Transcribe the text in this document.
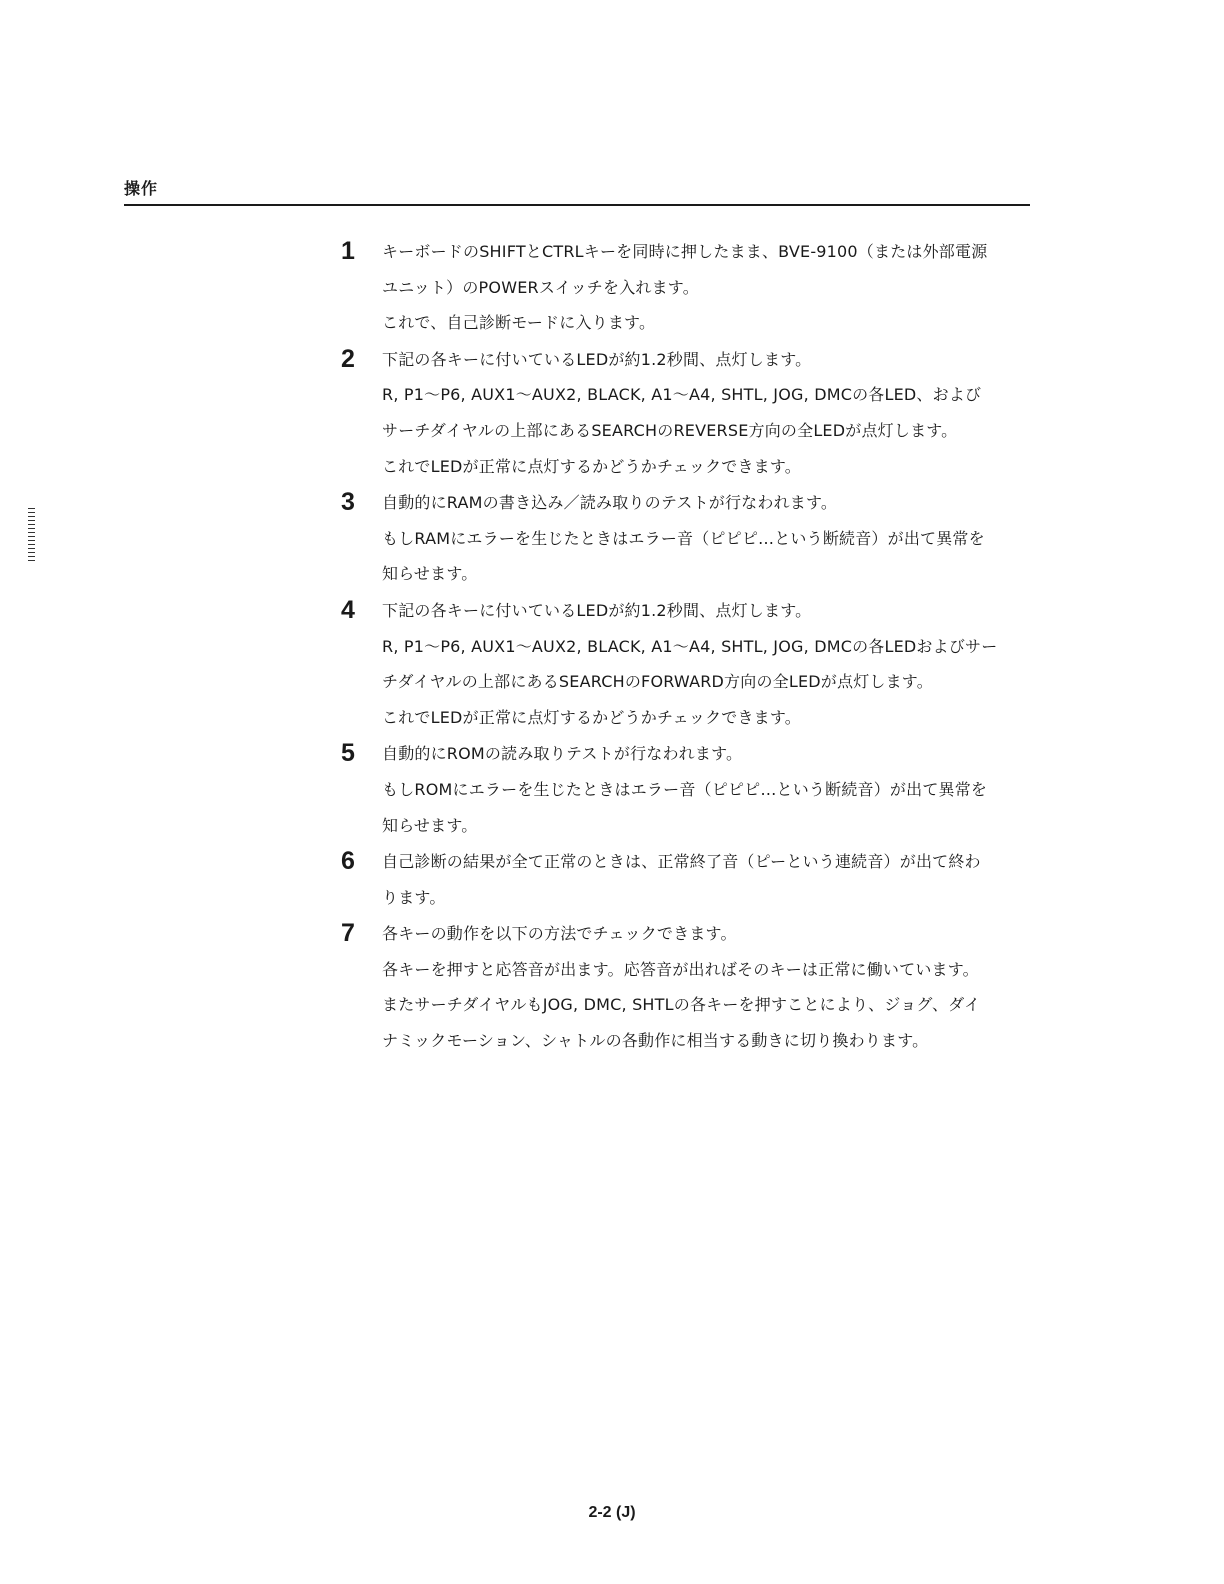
操作
1 キーボードのSHIFTとCTRLキーを同時に押したまま、BVE-9100（または外部電源
ユニット）のPOWERスイッチを入れます。
これで、自己診断モードに入ります。
2 下記の各キーに付いているLEDが約1.2秒間、点灯します。
R, P1～P6, AUX1～AUX2, BLACK, A1～A4, SHTL, JOG, DMCの各LED、および
サーチダイヤルの上部にあるSEARCHのREVERSE方向の全LEDが点灯します。
これでLEDが正常に点灯するかどうかチェックできます。
3 自動的にRAMの書き込み／読み取りのテストが行なわれます。
もしRAMにエラーを生じたときはエラー音（ピピピ…という断続音）が出て異常を
知らせます。
4 下記の各キーに付いているLEDが約1.2秒間、点灯します。
R, P1～P6, AUX1～AUX2, BLACK, A1～A4, SHTL, JOG, DMCの各LEDおよびサー
チダイヤルの上部にあるSEARCHのFORWARD方向の全LEDが点灯します。
これでLEDが正常に点灯するかどうかチェックできます。
5 自動的にROMの読み取りテストが行なわれます。
もしROMにエラーを生じたときはエラー音（ピピピ…という断続音）が出て異常を
知らせます。
6 自己診断の結果が全て正常のときは、正常終了音（ピーという連続音）が出て終わ
ります。
7 各キーの動作を以下の方法でチェックできます。
各キーを押すと応答音が出ます。応答音が出ればそのキーは正常に働いています。
またサーチダイヤルもJOG, DMC, SHTLの各キーを押すことにより、ジョグ、ダイ
ナミックモーション、シャトルの各動作に相当する動きに切り換わります。
2-2 (J)
